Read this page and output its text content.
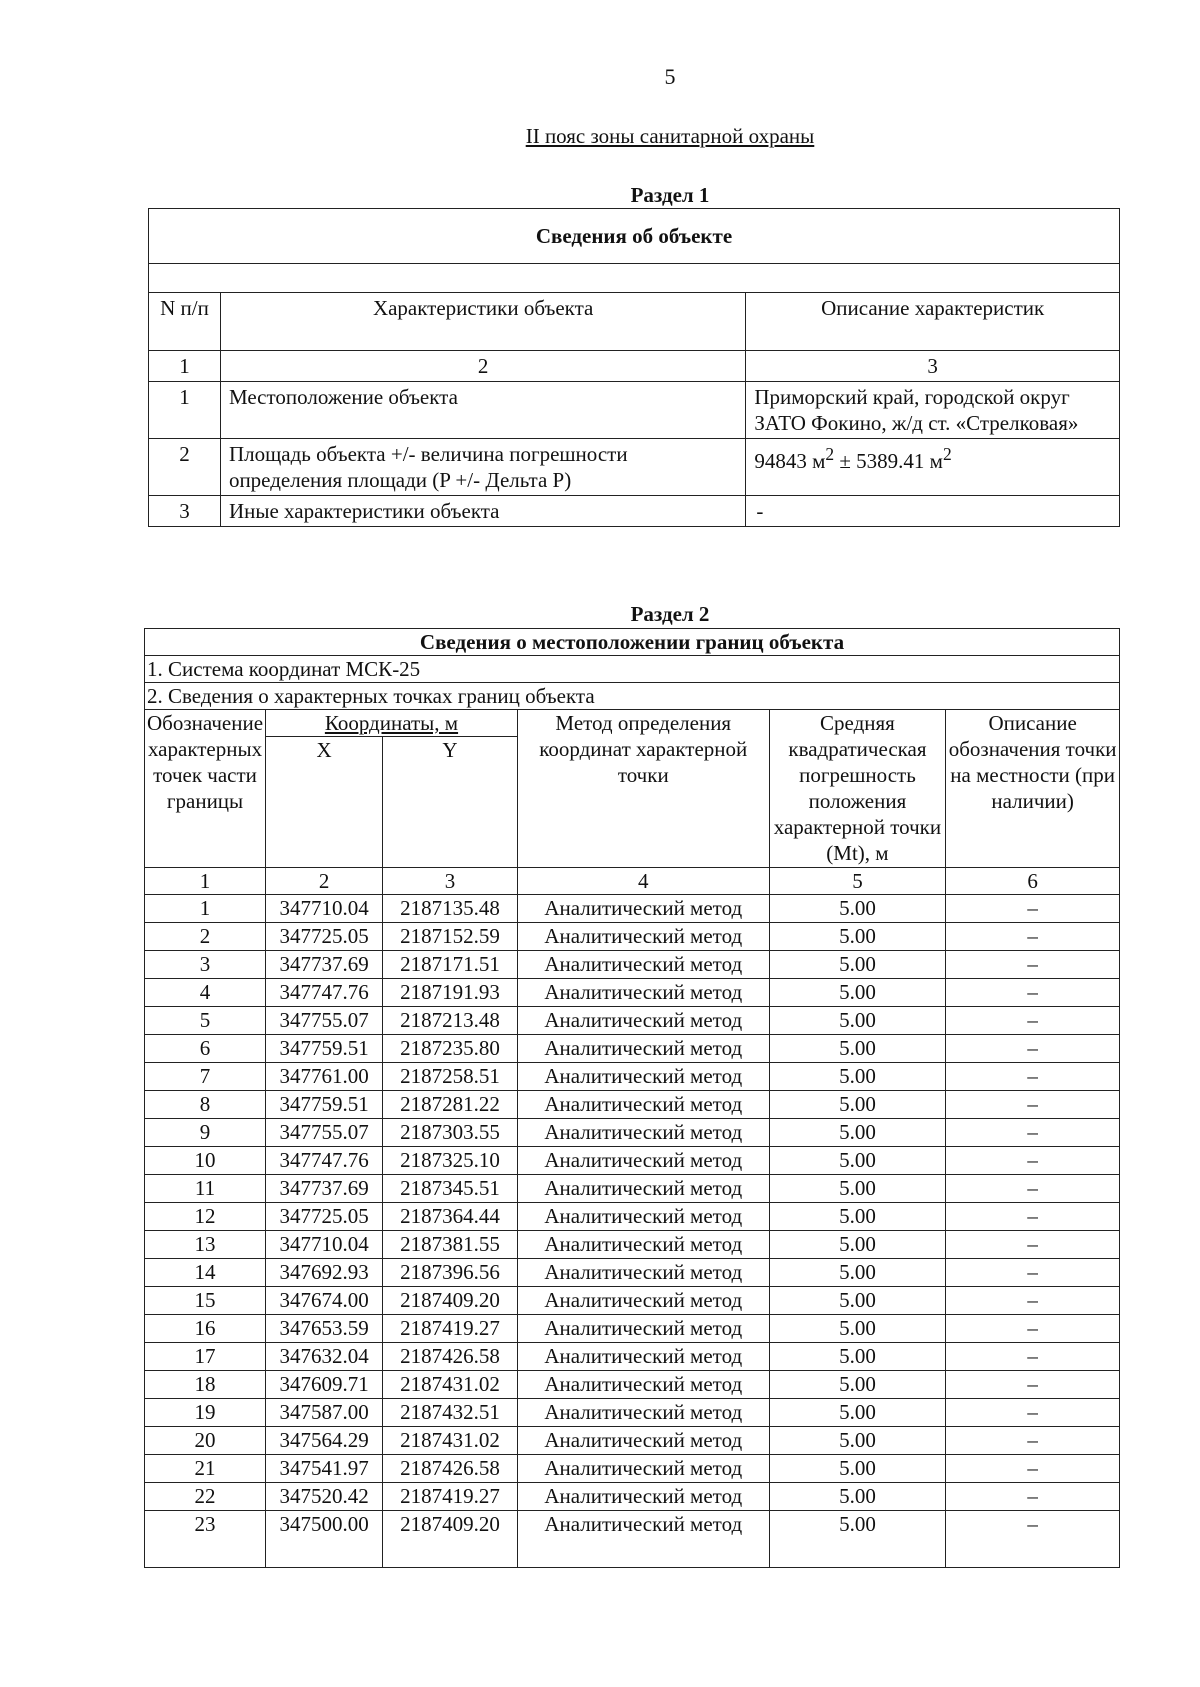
5
II пояс зоны санитарной охраны
Раздел 1
Сведения об объекте		

N п/п	Характеристики объекта	Описание характеристик
1	2	3
1	Местоположение объекта	Приморский край, городской округ ЗАТО Фокино, ж/д ст. «Стрелковая»
2	Площадь объекта +/- величина погрешности определения площади (P +/- Дельта P)	94843 $м^2 \pm 5389.41$ $м^2$
3	Иные характеристики объекта	-
Раздел 2
Сведения о местоположении границ объекта					
1. Система координат МСК-25					
2. Сведения о характерных точках границ объекта					
Обозначение характерных точек части границы	Координаты, м		Метод определения координат характерной точки	Средняя квадратическая погрешность положения характерной точки (Mt), м	Описание обозначения точки на местности (при наличии)
	X	Y			
1	2	3	4	5	6
1	347710.04	2187135.48	Аналитический метод	5.00	–
2	347725.05	2187152.59	Аналитический метод	5.00	–
3	347737.69	2187171.51	Аналитический метод	5.00	–
4	347747.76	2187191.93	Аналитический метод	5.00	–
5	347755.07	2187213.48	Аналитический метод	5.00	–
6	347759.51	2187235.80	Аналитический метод	5.00	–
7	347761.00	2187258.51	Аналитический метод	5.00	–
8	347759.51	2187281.22	Аналитический метод	5.00	–
9	347755.07	2187303.55	Аналитический метод	5.00	–
10	347747.76	2187325.10	Аналитический метод	5.00	–
11	347737.69	2187345.51	Аналитический метод	5.00	–
12	347725.05	2187364.44	Аналитический метод	5.00	–
13	347710.04	2187381.55	Аналитический метод	5.00	–
14	347692.93	2187396.56	Аналитический метод	5.00	–
15	347674.00	2187409.20	Аналитический метод	5.00	–
16	347653.59	2187419.27	Аналитический метод	5.00	–
17	347632.04	2187426.58	Аналитический метод	5.00	–
18	347609.71	2187431.02	Аналитический метод	5.00	–
19	347587.00	2187432.51	Аналитический метод	5.00	–
20	347564.29	2187431.02	Аналитический метод	5.00	–
21	347541.97	2187426.58	Аналитический метод	5.00	–
22	347520.42	2187419.27	Аналитический метод	5.00	–
23	347500.00	2187409.20	Аналитический метод	5.00	–
